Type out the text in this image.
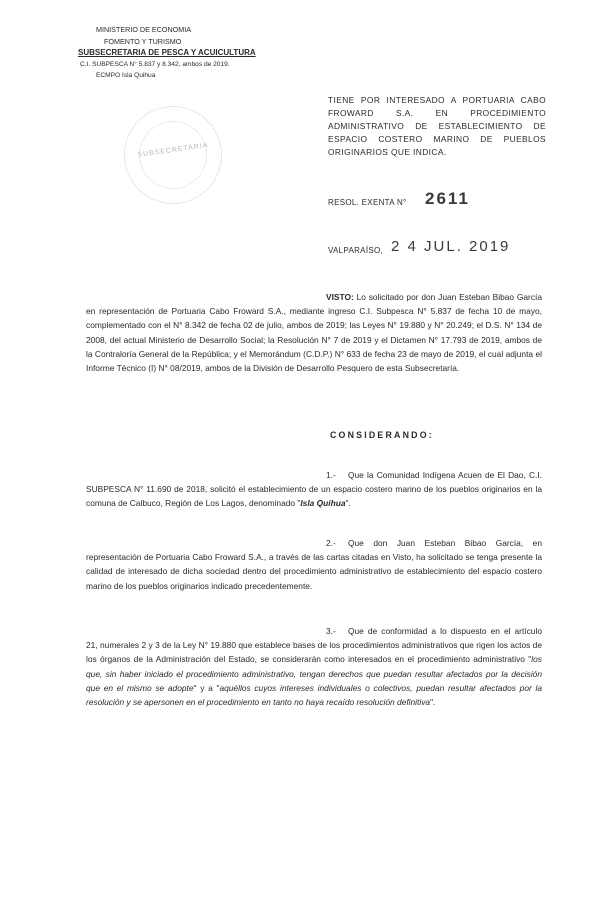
MINISTERIO DE ECONOMIA
FOMENTO Y TURISMO
SUBSECRETARIA DE PESCA Y ACUICULTURA
C.I. SUBPESCA N° 5.837 y 8.342, ambos de 2019.
ECMPO Isla Quihua
SUBSECRETARIA
TIENE POR INTERESADO A PORTUARIA CABO FROWARD S.A. EN PROCEDIMIENTO ADMINISTRATIVO DE ESTABLECIMIENTO DE ESPACIO COSTERO MARINO DE PUEBLOS ORIGINARIOS QUE INDICA.
RESOL. EXENTA N° 2611
VALPARAÍSO, 2 4 JUL. 2019
VISTO: Lo solicitado por don Juan Esteban Bibao García en representación de Portuaria Cabo Froward S.A., mediante ingreso C.I. Subpesca N° 5.837 de fecha 10 de mayo, complementado con el N° 8.342 de fecha 02 de julio, ambos de 2019; las Leyes N° 19.880 y N° 20.249; el D.S. N° 134 de 2008, del actual Ministerio de Desarrollo Social; la Resolución N° 7 de 2019 y el Dictamen N° 17.793 de 2019, ambos de la Contraloría General de la República; y el Memorándum (C.D.P.) N° 633 de fecha 23 de mayo de 2019, el cual adjunta el Informe Técnico (I) N° 08/2019, ambos de la División de Desarrollo Pesquero de esta Subsecretaría.
CONSIDERANDO:
1.- Que la Comunidad Indígena Acuen de El Dao, C.I. SUBPESCA N° 11.690 de 2018, solicitó el establecimiento de un espacio costero marino de los pueblos originarios en la comuna de Calbuco, Región de Los Lagos, denominado "Isla Quihua".
2.- Que don Juan Esteban Bibao García, en representación de Portuaria Cabo Froward S.A., a través de las cartas citadas en Visto, ha solicitado se tenga presente la calidad de interesado de dicha sociedad dentro del procedimiento administrativo de establecimiento del espacio costero marino de los pueblos originarios indicado precedentemente.
3.- Que de conformidad a lo dispuesto en el artículo 21, numerales 2 y 3 de la Ley N° 19.880 que establece bases de los procedimientos administrativos que rigen los actos de los órganos de la Administración del Estado, se considerarán como interesados en el procedimiento administrativo "los que, sin haber iniciado el procedimiento administrativo, tengan derechos que puedan resultar afectados por la decisión que en el mismo se adopte" y a "aquéllos cuyos intereses individuales o colectivos, puedan resultar afectados por la resolución y se apersonen en el procedimiento en tanto no haya recaído resolución definitiva".
